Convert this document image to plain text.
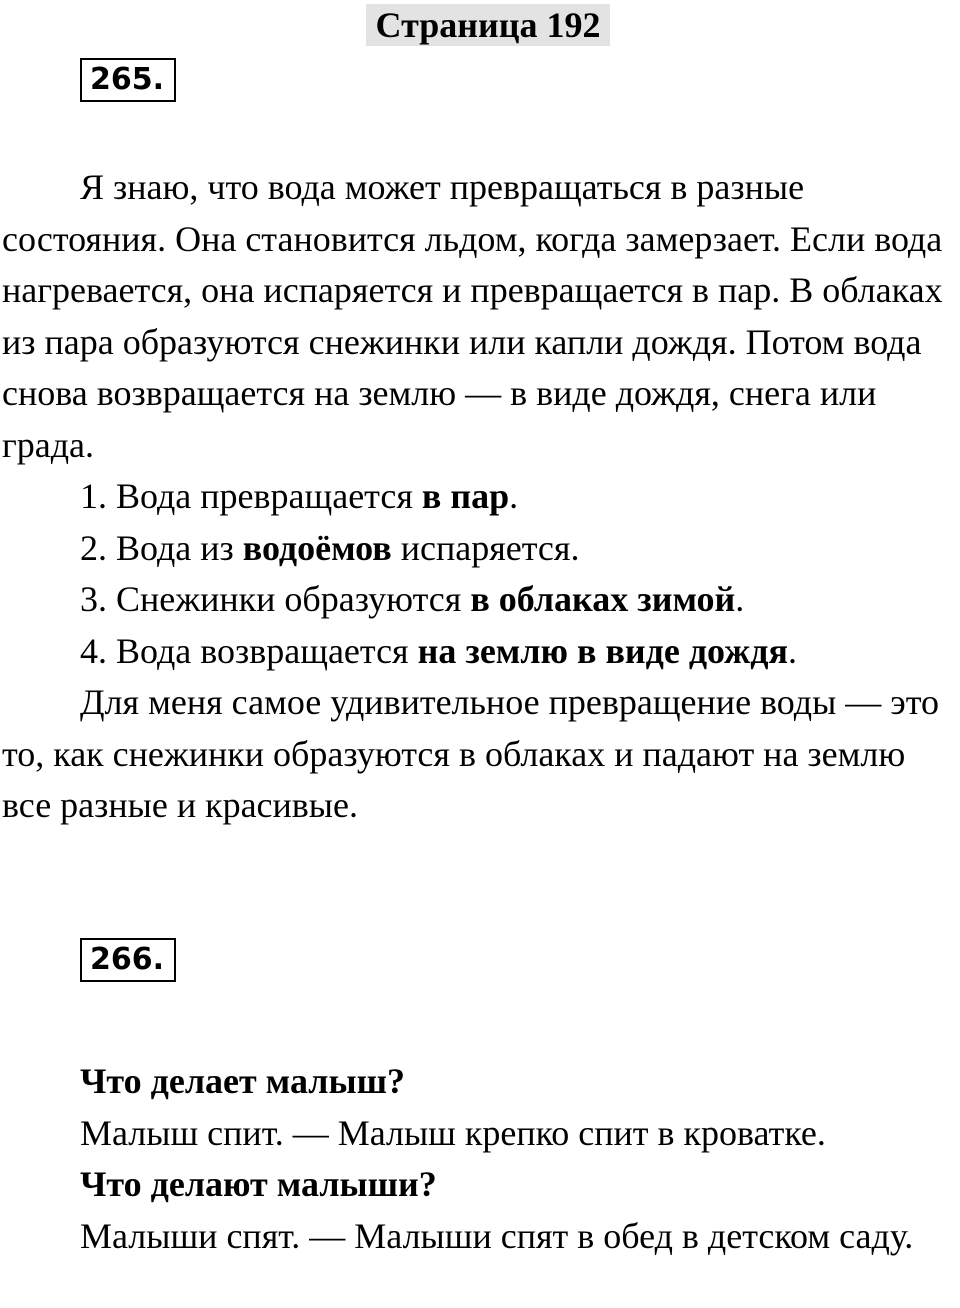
Страница 192
265.

Я знаю, что вода может превращаться в разные состояния. Она становится льдом, когда замерзает. Если вода нагревается, она испаряется и превращается в пар. В облаках из пара образуются снежинки или капли дождя. Потом вода снова возвращается на землю — в виде дождя, снега или града.

1. Вода превращается в пар.

2. Вода из водоёмов испаряется.

3. Снежинки образуются в облаках зимой.

4. Вода возвращается на землю в виде дождя.

Для меня самое удивительное превращение воды — это то, как снежинки образуются в облаках и падают на землю все разные и красивые.

266.

Что делает малыш?

Малыш спит. — Малыш крепко спит в кроватке.

Что делают малыши?

Малыши спят. — Малыши спят в обед в детском саду.
